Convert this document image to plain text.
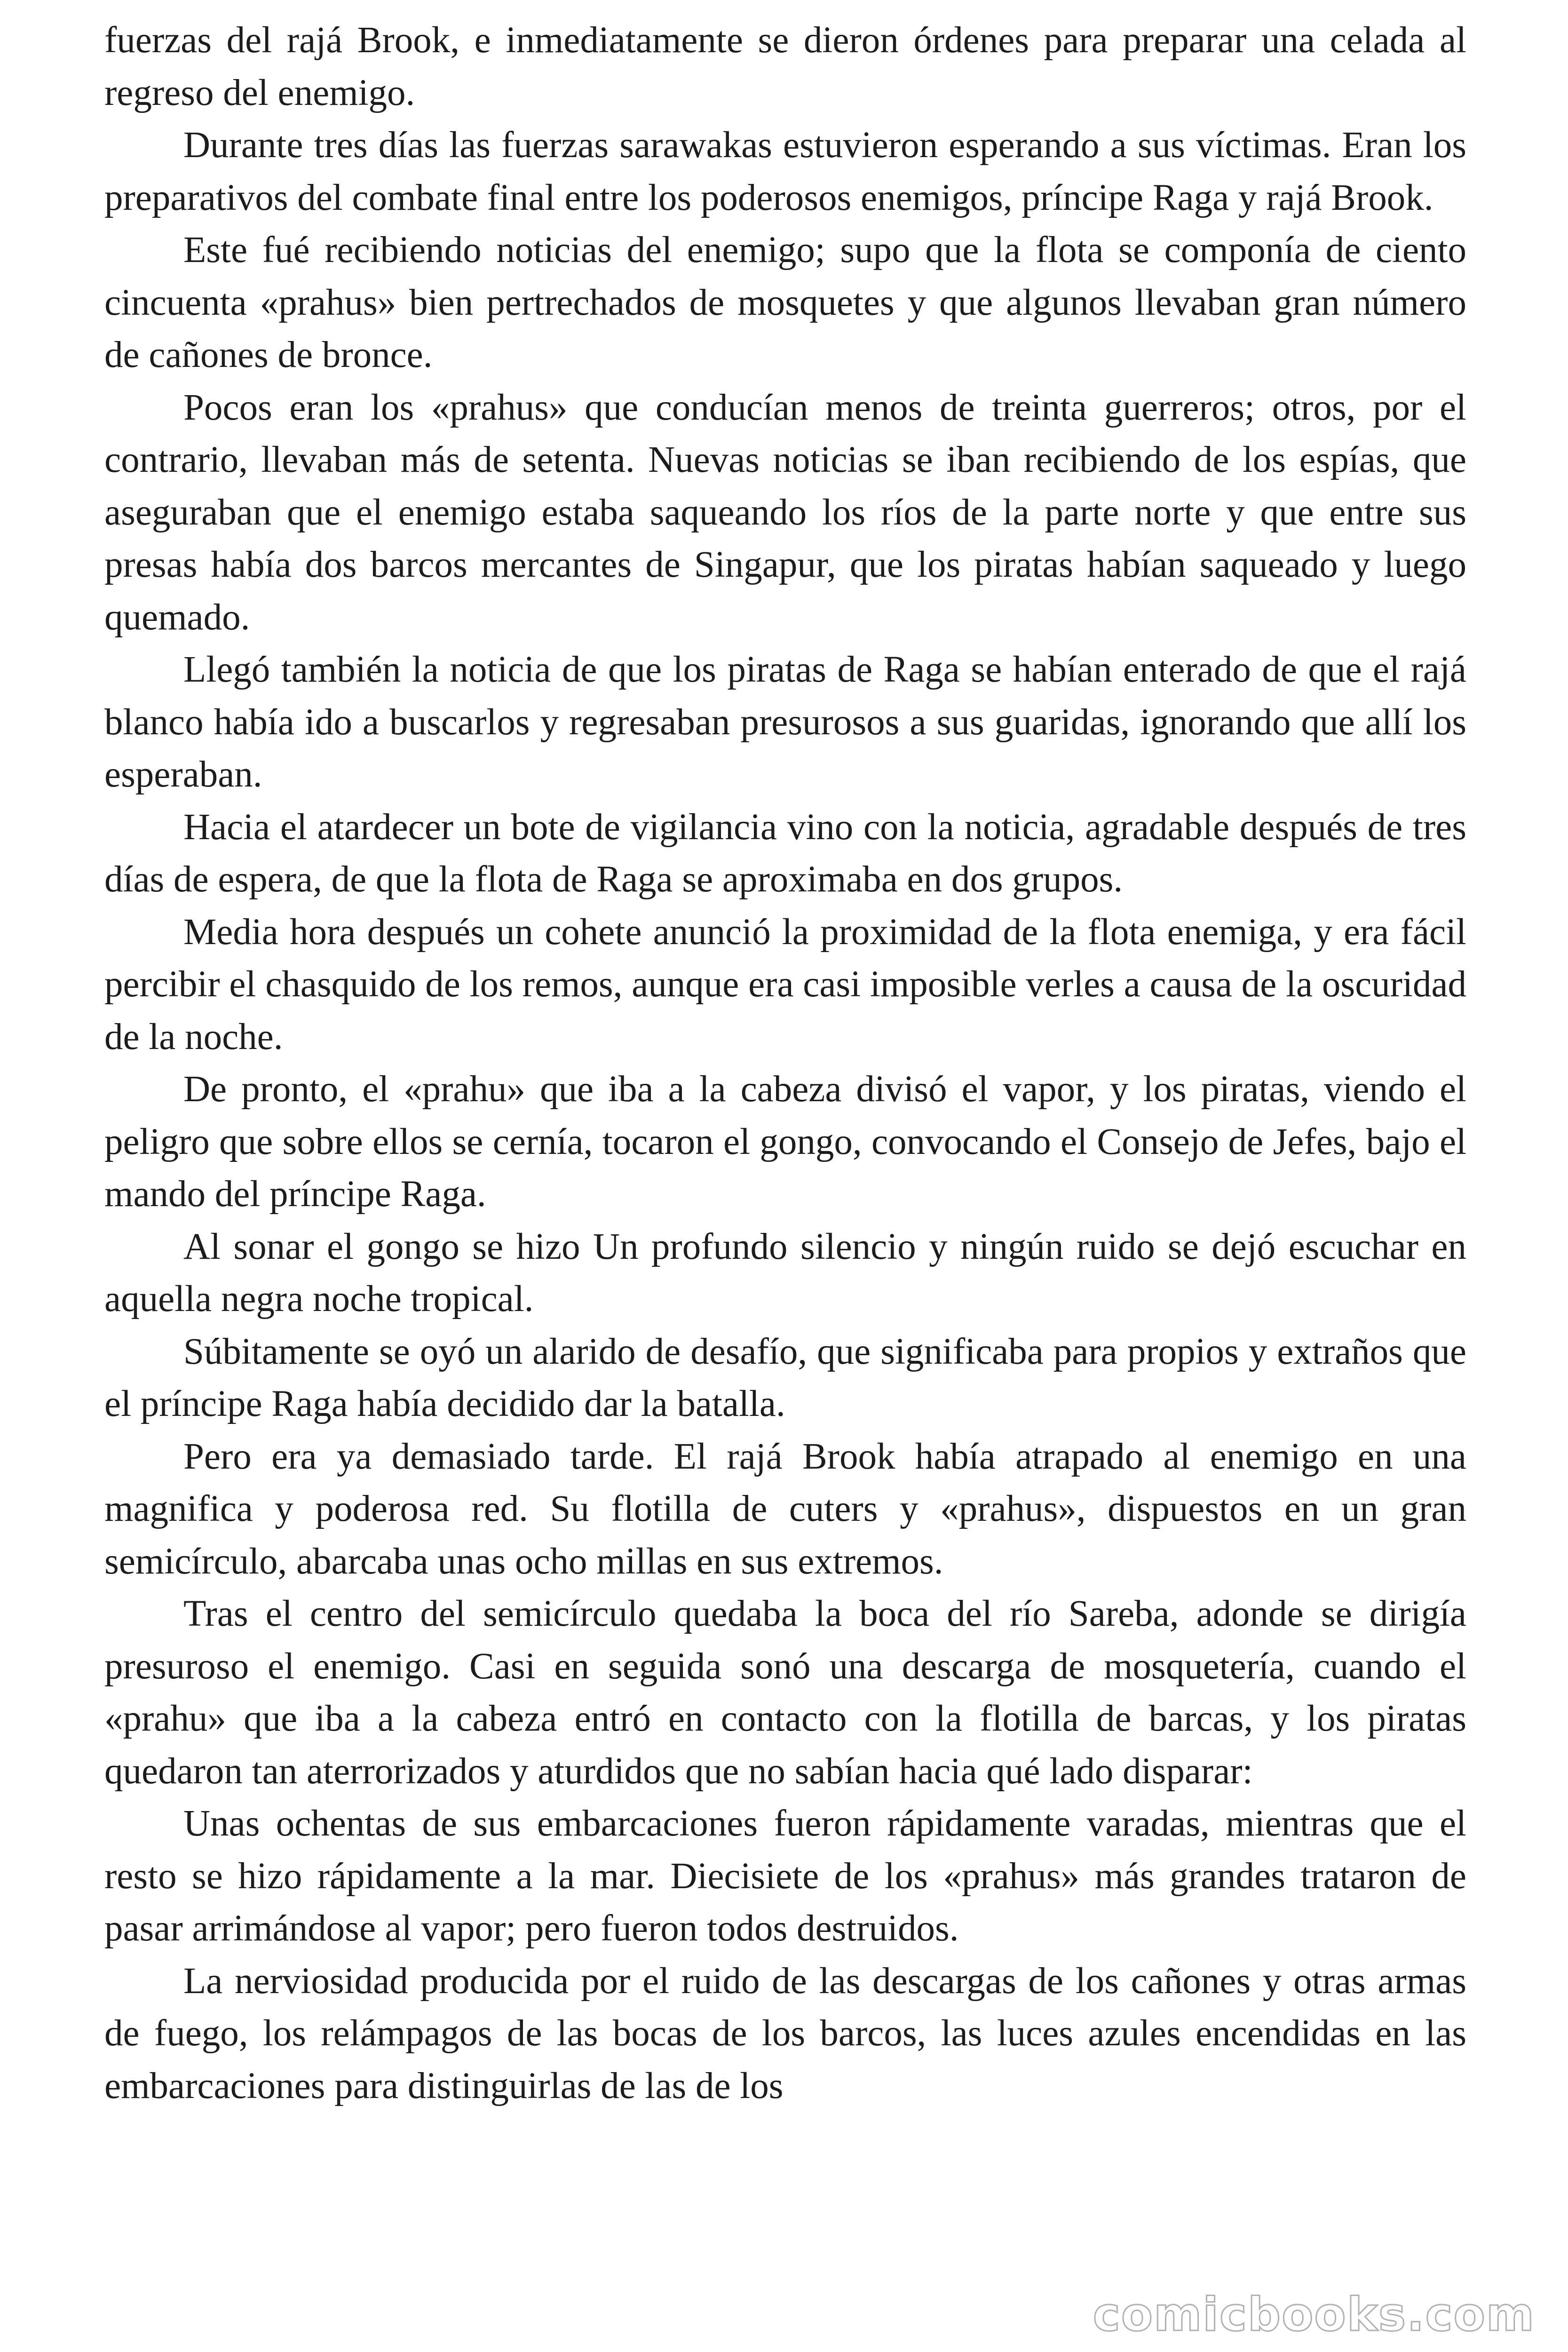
fuerzas del rajá Brook, e inmediatamente se dieron órdenes para preparar una celada al regreso del enemigo.

Durante tres días las fuerzas sarawakas estuvieron esperando a sus víctimas. Eran los preparativos del combate final entre los poderosos enemigos, príncipe Raga y rajá Brook.

Este fué recibiendo noticias del enemigo; supo que la flota se componía de ciento cincuenta «prahus» bien pertrechados de mosquetes y que algunos llevaban gran número de cañones de bronce.

Pocos eran los «prahus» que conducían menos de treinta guerreros; otros, por el contrario, llevaban más de setenta. Nuevas noticias se iban recibiendo de los espías, que aseguraban que el enemigo estaba saqueando los ríos de la parte norte y que entre sus presas había dos barcos mercantes de Singapur, que los piratas habían saqueado y luego quemado.

Llegó también la noticia de que los piratas de Raga se habían enterado de que el rajá blanco había ido a buscarlos y regresaban presurosos a sus guaridas, ignorando que allí los esperaban.

Hacia el atardecer un bote de vigilancia vino con la noticia, agradable después de tres días de espera, de que la flota de Raga se aproximaba en dos grupos.

Media hora después un cohete anunció la proximidad de la flota enemiga, y era fácil percibir el chasquido de los remos, aunque era casi imposible verles a causa de la oscuridad de la noche.

De pronto, el «prahu» que iba a la cabeza divisó el vapor, y los piratas, viendo el peligro que sobre ellos se cernía, tocaron el gongo, convocando el Consejo de Jefes, bajo el mando del príncipe Raga.

Al sonar el gongo se hizo Un profundo silencio y ningún ruido se dejó escuchar en aquella negra noche tropical.

Súbitamente se oyó un alarido de desafío, que significaba para propios y extraños que el príncipe Raga había decidido dar la batalla.

Pero era ya demasiado tarde. El rajá Brook había atrapado al enemigo en una magnifica y poderosa red. Su flotilla de cuters y «prahus», dispuestos en un gran semicírculo, abarcaba unas ocho millas en sus extremos.

Tras el centro del semicírculo quedaba la boca del río Sareba, adonde se dirigía presuroso el enemigo. Casi en seguida sonó una descarga de mosquetería, cuando el «prahu» que iba a la cabeza entró en contacto con la flotilla de barcas, y los piratas quedaron tan aterrorizados y aturdidos que no sabían hacia qué lado disparar:

Unas ochentas de sus embarcaciones fueron rápidamente varadas, mientras que el resto se hizo rápidamente a la mar. Diecisiete de los «prahus» más grandes trataron de pasar arrimándose al vapor; pero fueron todos destruidos.

La nerviosidad producida por el ruido de las descargas de los cañones y otras armas de fuego, los relámpagos de las bocas de los barcos, las luces azules encendidas en las embarcaciones para distinguirlas de las de los

comicbooks.com
